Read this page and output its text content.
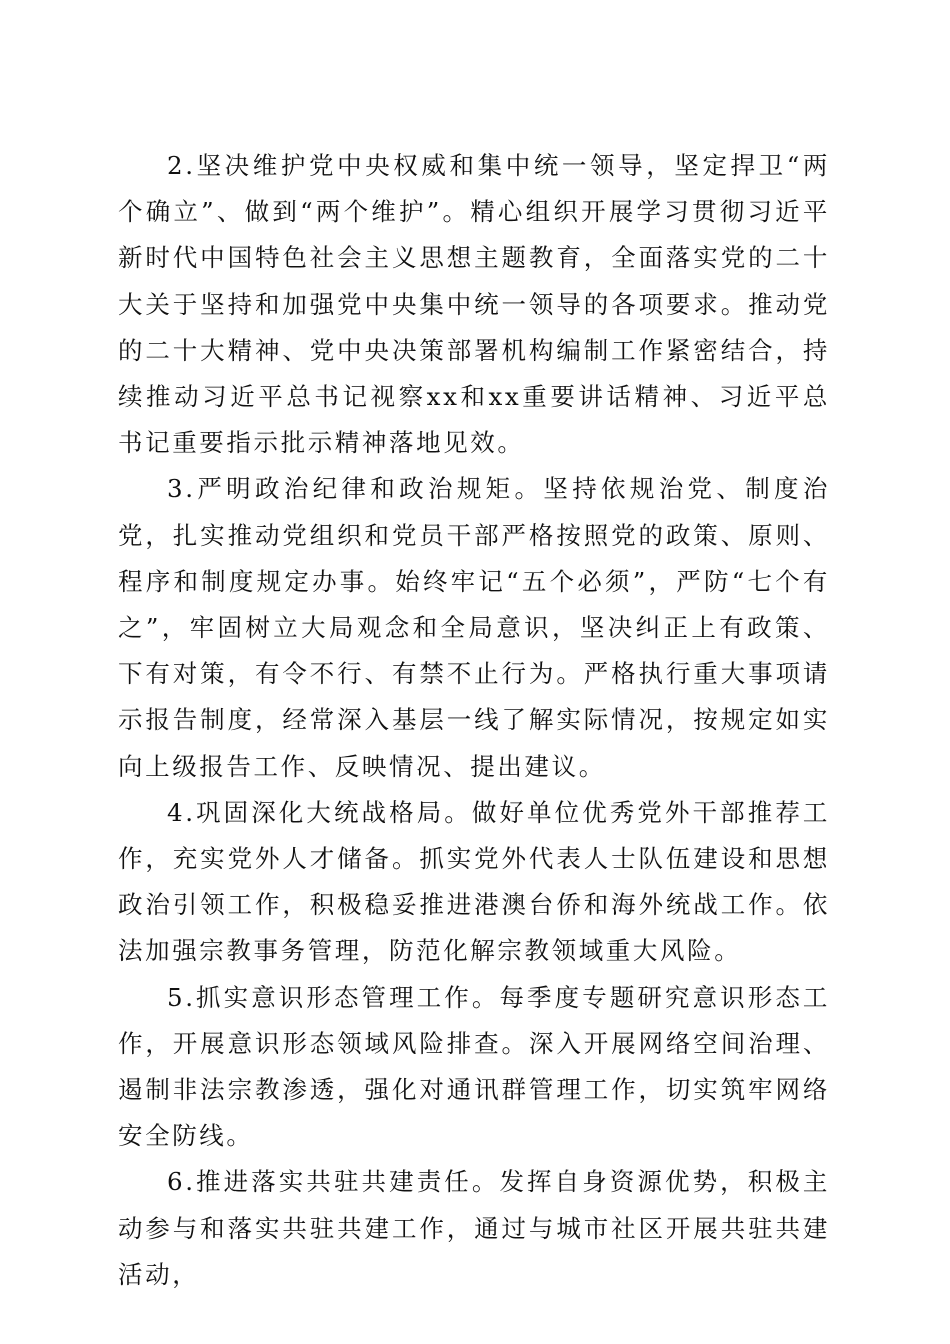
2.坚决维护党中央权威和集中统一领导，坚定捍卫“两个确立”、做到“两个维护”。精心组织开展学习贯彻习近平新时代中国特色社会主义思想主题教育，全面落实党的二十大关于坚持和加强党中央集中统一领导的各项要求。推动党的二十大精神、党中央决策部署机构编制工作紧密结合，持续推动习近平总书记视察xx和xx重要讲话精神、习近平总书记重要指示批示精神落地见效。

3.严明政治纪律和政治规矩。坚持依规治党、制度治党，扎实推动党组织和党员干部严格按照党的政策、原则、程序和制度规定办事。始终牢记“五个必须”，严防“七个有之”，牢固树立大局观念和全局意识，坚决纠正上有政策、下有对策，有令不行、有禁不止行为。严格执行重大事项请示报告制度，经常深入基层一线了解实际情况，按规定如实向上级报告工作、反映情况、提出建议。

4.巩固深化大统战格局。做好单位优秀党外干部推荐工作，充实党外人才储备。抓实党外代表人士队伍建设和思想政治引领工作，积极稳妥推进港澳台侨和海外统战工作。依法加强宗教事务管理，防范化解宗教领域重大风险。

5.抓实意识形态管理工作。每季度专题研究意识形态工作，开展意识形态领域风险排查。深入开展网络空间治理、遏制非法宗教渗透，强化对通讯群管理工作，切实筑牢网络安全防线。

6.推进落实共驻共建责任。发挥自身资源优势，积极主动参与和落实共驻共建工作，通过与城市社区开展共驻共建活动，
